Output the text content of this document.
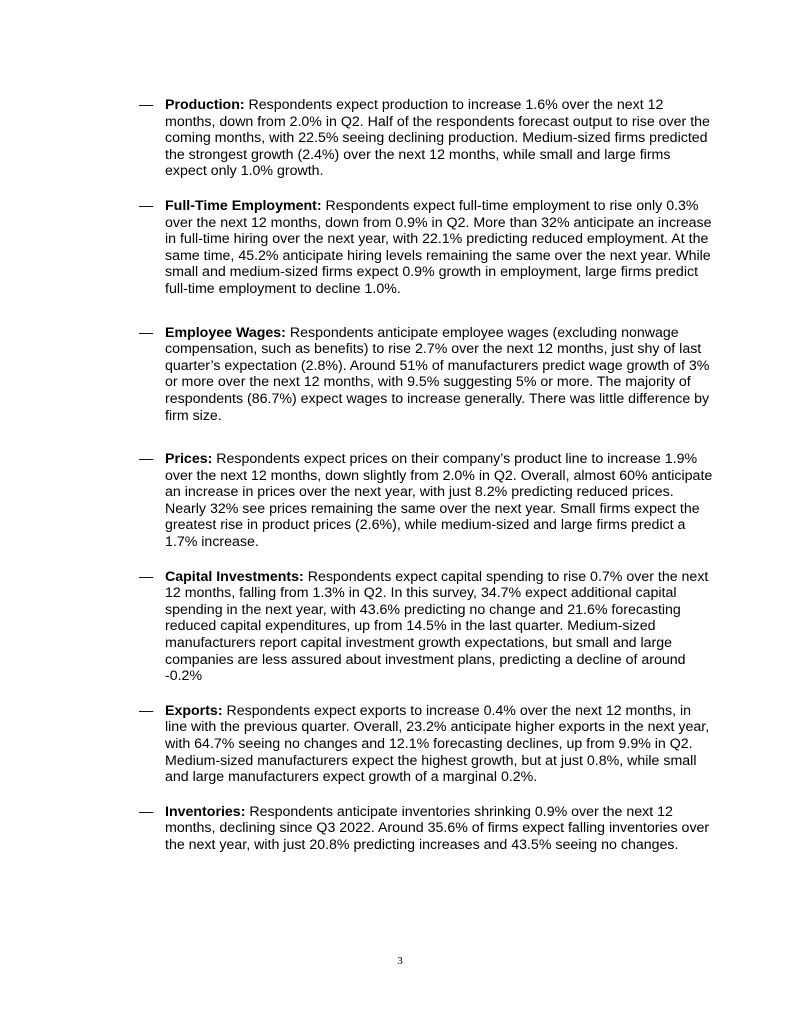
— Production: Respondents expect production to increase 1.6% over the next 12 months, down from 2.0% in Q2. Half of the respondents forecast output to rise over the coming months, with 22.5% seeing declining production. Medium-sized firms predicted the strongest growth (2.4%) over the next 12 months, while small and large firms expect only 1.0% growth.
— Full-Time Employment: Respondents expect full-time employment to rise only 0.3% over the next 12 months, down from 0.9% in Q2. More than 32% anticipate an increase in full-time hiring over the next year, with 22.1% predicting reduced employment. At the same time, 45.2% anticipate hiring levels remaining the same over the next year. While small and medium-sized firms expect 0.9% growth in employment, large firms predict full-time employment to decline 1.0%.
— Employee Wages: Respondents anticipate employee wages (excluding nonwage compensation, such as benefits) to rise 2.7% over the next 12 months, just shy of last quarter’s expectation (2.8%). Around 51% of manufacturers predict wage growth of 3% or more over the next 12 months, with 9.5% suggesting 5% or more. The majority of respondents (86.7%) expect wages to increase generally. There was little difference by firm size.
— Prices: Respondents expect prices on their company’s product line to increase 1.9% over the next 12 months, down slightly from 2.0% in Q2. Overall, almost 60% anticipate an increase in prices over the next year, with just 8.2% predicting reduced prices. Nearly 32% see prices remaining the same over the next year. Small firms expect the greatest rise in product prices (2.6%), while medium-sized and large firms predict a 1.7% increase.
— Capital Investments: Respondents expect capital spending to rise 0.7% over the next 12 months, falling from 1.3% in Q2. In this survey, 34.7% expect additional capital spending in the next year, with 43.6% predicting no change and 21.6% forecasting reduced capital expenditures, up from 14.5% in the last quarter. Medium-sized manufacturers report capital investment growth expectations, but small and large companies are less assured about investment plans, predicting a decline of around -0.2%
— Exports: Respondents expect exports to increase 0.4% over the next 12 months, in line with the previous quarter. Overall, 23.2% anticipate higher exports in the next year, with 64.7% seeing no changes and 12.1% forecasting declines, up from 9.9% in Q2. Medium-sized manufacturers expect the highest growth, but at just 0.8%, while small and large manufacturers expect growth of a marginal 0.2%.
— Inventories: Respondents anticipate inventories shrinking 0.9% over the next 12 months, declining since Q3 2022. Around 35.6% of firms expect falling inventories over the next year, with just 20.8% predicting increases and 43.5% seeing no changes.
3
